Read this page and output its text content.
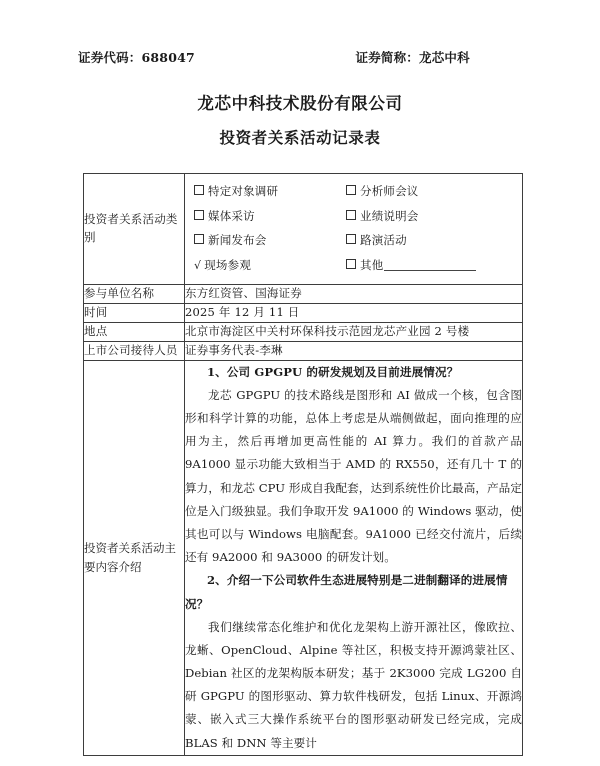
证券代码：688047	证券简称：龙芯中科
龙芯中科技术股份有限公司
投资者关系活动记录表
投资者关系活动类别	
特定对象调研	分析师会议
媒体采访	业绩说明会
新闻发布会	路演活动
√ 现场参观	其他

参与单位名称	东方红资管、国海证券
时间	2025 年 12 月 11 日
地点	北京市海淀区中关村环保科技示范园龙芯产业园 2 号楼
上市公司接待人员	证券事务代表-李琳
投资者关系活动主要内容介绍	1、公司 GPGPU 的研发规划及目前进展情况？

龙芯 GPGPU 的技术路线是图形和 AI 做成一个核，包含图形和科学计算的功能，总体上考虑是从端侧做起，面向推理的应用为主，然后再增加更高性能的 AI 算力。我们的首款产品 9A1000 显示功能大致相当于 AMD 的 RX550，还有几十 T 的算力，和龙芯 CPU 形成自我配套，达到系统性价比最高，产品定位是入门级独显。我们争取开发 9A1000 的 Windows 驱动，使其也可以与 Windows 电脑配套。9A1000 已经交付流片，后续还有 9A2000 和 9A3000 的研发计划。

2、介绍一下公司软件生态进展特别是二进制翻译的进展情况？

我们继续常态化维护和优化龙架构上游开源社区，像欧拉、龙蜥、OpenCloud、Alpine 等社区，积极支持开源鸿蒙社区、Debian 社区的龙架构版本研发；基于 2K3000 完成 LG200 自研 GPGPU 的图形驱动、算力软件栈研发，包括 Linux、开源鸿蒙、嵌入式三大操作系统平台的图形驱动研发已经完成，完成 BLAS 和 DNN 等主要计
